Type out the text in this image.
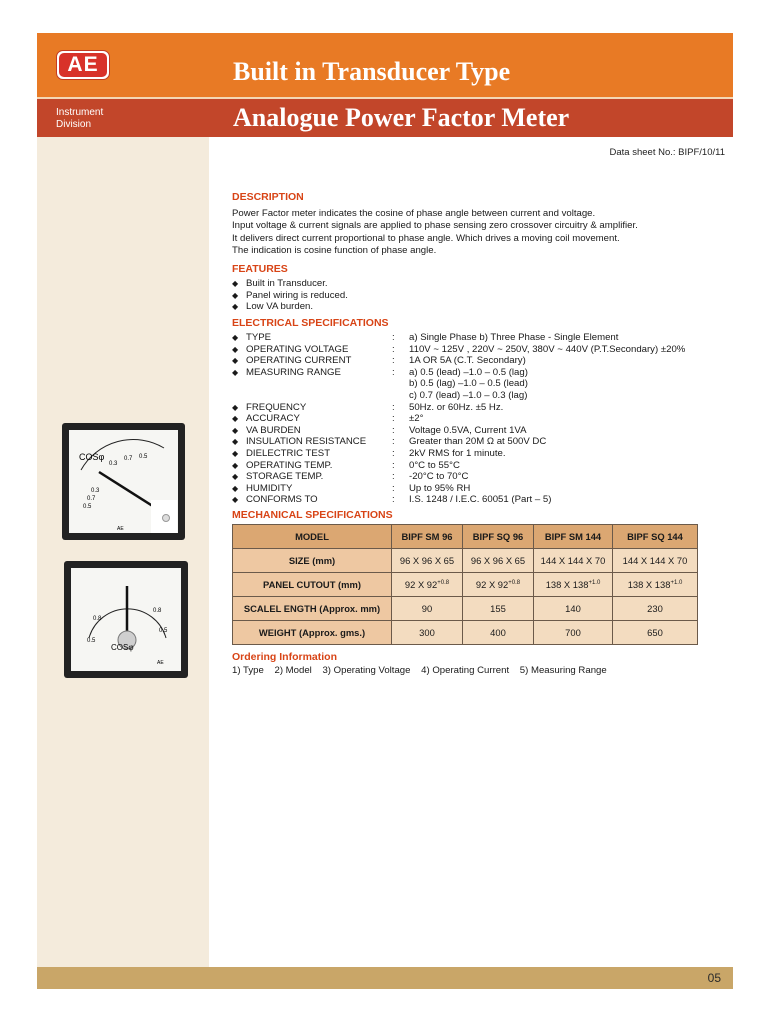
AE	Built in Transducer Type
Analogue Power Factor Meter
Instrument
Division
COSφ
0.3
0.5
0.3
0.7 0.5
0.7
AE
0.8
0.8
0.5
0.5
COSφ
AE
Data sheet No.: BIPF/10/11

DESCRIPTION

Power Factor meter indicates the cosine of phase angle between current and voltage.

Input voltage & current signals are applied to phase sensing zero crossover circuitry & amplifier.

It delivers direct current proportional to phase angle. Which drives a moving coil movement.

The indication is cosine function of phase angle.

FEATURES

◆ Built in Transducer.
◆ Panel wiring is reduced.
◆ Low VA burden.

ELECTRICAL SPECIFICATIONS

◆ TYPE	: a) Single Phase b) Three Phase - Single Element
◆ OPERATING VOLTAGE	: 110V ~ 125V , 220V ~ 250V, 380V ~ 440V (P.T.Secondary) ±20%
◆ OPERATING CURRENT	: 1A OR 5A (C.T. Secondary)
◆ MEASURING RANGE	: a) 0.5 (lead) –1.0 – 0.5 (lag)
b) 0.5 (lag) –1.0 – 0.5 (lead)
c) 0.7 (lead) –1.0 – 0.3 (lag)
◆ FREQUENCY	: 50Hz. or 60Hz. ±5 Hz.
◆ ACCURACY	: ±2°
◆ VA BURDEN	: Voltage 0.5VA, Current 1VA
◆ INSULATION RESISTANCE	: Greater than 20M Ω at 500V DC
◆ DIELECTRIC TEST	: 2kV RMS for 1 minute.
◆ OPERATING TEMP.	: 0°C to 55°C
◆ STORAGE TEMP.	: -20°C to 70°C
◆ HUMIDITY	: Up to 95% RH
◆ CONFORMS TO	: I.S. 1248 / I.E.C. 60051 (Part – 5)

MECHANICAL SPECIFICATIONS

MODEL	BIPF SM 96	BIPF SQ 96	BIPF SM 144	BIPF SQ 144
SIZE (mm)	96 X 96 X 65	96 X 96 X 65	144 X 144 X 70	144 X 144 X 70
PANEL CUTOUT (mm)	92 X $92^{+0.8}$	92 X $92^{+0.8}$	138 X $138^{+1.0}$	138 X $138^{+1.0}$
SCALEL ENGTH (Approx. mm)	90	155	140	230
WEIGHT (Approx. gms.)	300	400	700	650

Ordering Information

1) Type    2) Model    3) Operating Voltage    4) Operating Current    5) Measuring Range

05
